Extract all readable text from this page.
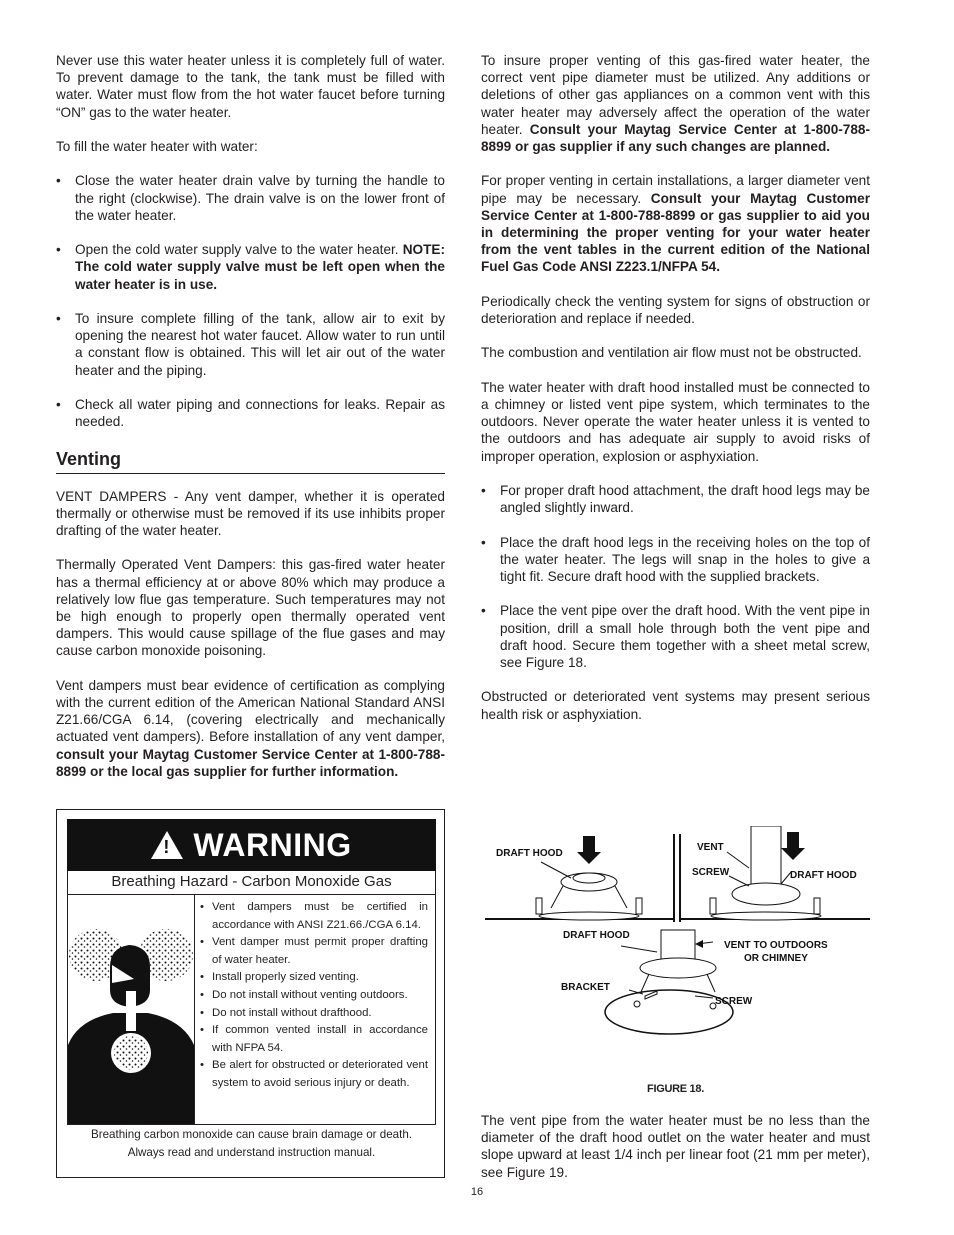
Never use this water heater unless it is completely full of water. To prevent damage to the tank, the tank must be filled with water. Water must flow from the hot water faucet before turning “ON” gas to the water heater.

To fill the water heater with water:

• Close the water heater drain valve by turning the handle to the right (clockwise). The drain valve is on the lower front of the water heater.
• Open the cold water supply valve to the water heater. NOTE: The cold water supply valve must be left open when the water heater is in use.
• To insure complete filling of the tank, allow air to exit by opening the nearest hot water faucet. Allow water to run until a constant flow is obtained. This will let air out of the water heater and the piping.
• Check all water piping and connections for leaks. Repair as needed.
Venting

VENT DAMPERS - Any vent damper, whether it is operated thermally or otherwise must be removed if its use inhibits proper drafting of the water heater.

Thermally Operated Vent Dampers: this gas-fired water heater has a thermal efficiency at or above 80% which may produce a relatively low flue gas temperature. Such temperatures may not be high enough to properly open thermally operated vent dampers. This would cause spillage of the flue gases and may cause carbon monoxide poisoning.

Vent dampers must bear evidence of certification as complying with the current edition of the American National Standard ANSI Z21.66/CGA 6.14, (covering electrically and mechanically actuated vent dampers). Before installation of any vent damper, consult your Maytag Customer Service Center at 1-800-788-8899 or the local gas supplier for further information.

! WARNING
Breathing Hazard - Carbon Monoxide Gas
• Vent dampers must be certified in accordance with ANSI Z21.66./CGA 6.14.
• Vent damper must permit proper drafting of water heater.
• Install properly sized venting.
• Do not install without venting outdoors.
• Do not install without drafthood.
• If common vented install in accordance with NFPA 54.
• Be alert for obstructed or deteriorated vent system to avoid serious injury or death.
Breathing carbon monoxide can cause brain damage or death.
Always read and understand instruction manual.

To insure proper venting of this gas-fired water heater, the correct vent pipe diameter must be utilized. Any additions or deletions of other gas appliances on a common vent with this water heater may adversely affect the operation of the water heater. Consult your Maytag Service Center at 1-800-788-8899 or gas supplier if any such changes are planned.

For proper venting in certain installations, a larger diameter vent pipe may be necessary. Consult your Maytag Customer Service Center at 1-800-788-8899 or gas supplier to aid you in determining the proper venting for your water heater from the vent tables in the current edition of the National Fuel Gas Code ANSI Z223.1/NFPA 54.

Periodically check the venting system for signs of obstruction or deterioration and replace if needed.

The combustion and ventilation air flow must not be obstructed.

The water heater with draft hood installed must be connected to a chimney or listed vent pipe system, which terminates to the outdoors. Never operate the water heater unless it is vented to the outdoors and has adequate air supply to avoid risks of improper operation, explosion or asphyxiation.

• For proper draft hood attachment, the draft hood legs may be angled slightly inward.
• Place the draft hood legs in the receiving holes on the top of the water heater. The legs will snap in the holes to give a tight fit. Secure draft hood with the supplied brackets.
• Place the vent pipe over the draft hood. With the vent pipe in position, drill a small hole through both the vent pipe and draft hood. Secure them together with a sheet metal screw, see Figure 18.

Obstructed or deteriorated vent systems may present serious health risk or asphyxiation.

DRAFT HOOD
VENT
SCREW	DRAFT HOOD
DRAFT HOOD
VENT TO OUTDOORS
OR CHIMNEY
BRACKET
SCREW
FIGURE 18.

The vent pipe from the water heater must be no less than the diameter of the draft hood outlet on the water heater and must slope upward at least 1/4 inch per linear foot (21 mm per meter), see Figure 19.

16
